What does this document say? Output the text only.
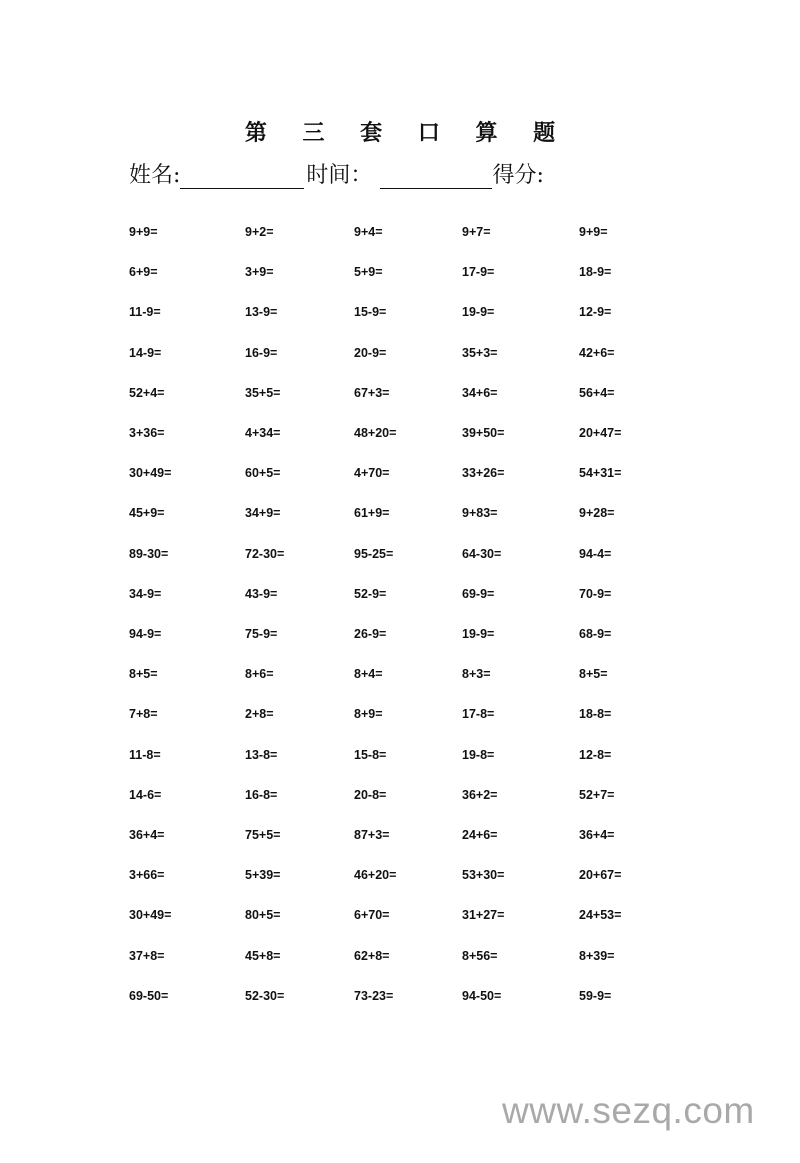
第 三 套 口 算 题
姓名:	时间：	得分:
9+9=	9+2=	9+4=	9+7=	9+9=
6+9=	3+9=	5+9=	17-9=	18-9=
11-9=	13-9=	15-9=	19-9=	12-9=
14-9=	16-9=	20-9=	35+3=	42+6=
52+4=	35+5=	67+3=	34+6=	56+4=
3+36=	4+34=	48+20=	39+50=	20+47=
30+49=	60+5=	4+70=	33+26=	54+31=
45+9=	34+9=	61+9=	9+83=	9+28=
89-30=	72-30=	95-25=	64-30=	94-4=
34-9=	43-9=	52-9=	69-9=	70-9=
94-9=	75-9=	26-9=	19-9=	68-9=
8+5=	8+6=	8+4=	8+3=	8+5=
7+8=	2+8=	8+9=	17-8=	18-8=
11-8=	13-8=	15-8=	19-8=	12-8=
14-6=	16-8=	20-8=	36+2=	52+7=
36+4=	75+5=	87+3=	24+6=	36+4=
3+66=	5+39=	46+20=	53+30=	20+67=
30+49=	80+5=	6+70=	31+27=	24+53=
37+8=	45+8=	62+8=	8+56=	8+39=
69-50=	52-30=	73-23=	94-50=	59-9=
www.sezq.com
